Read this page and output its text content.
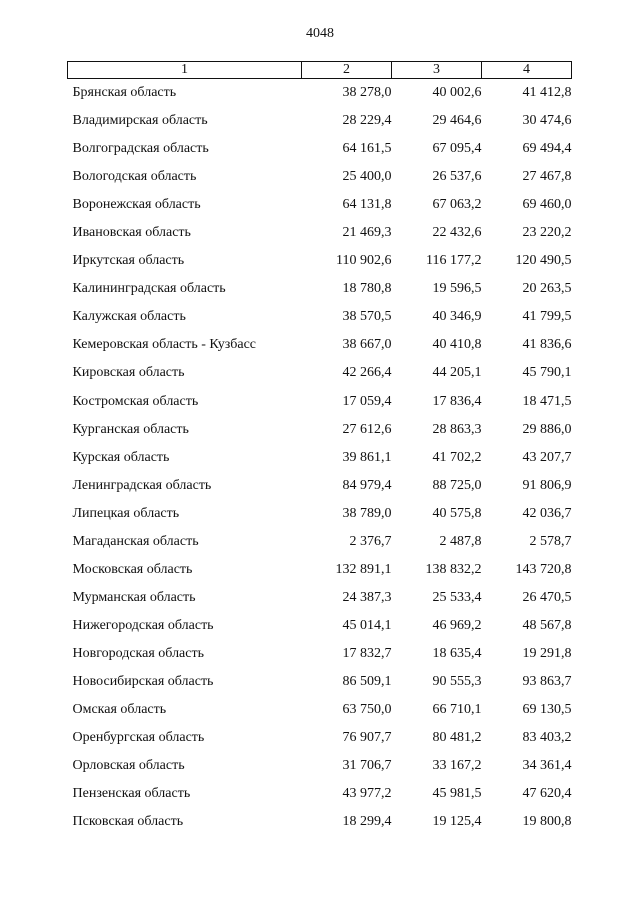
4048
1	2	3	4
Брянская область	38 278,0	40 002,6	41 412,8
Владимирская область	28 229,4	29 464,6	30 474,6
Волгоградская область	64 161,5	67 095,4	69 494,4
Вологодская область	25 400,0	26 537,6	27 467,8
Воронежская область	64 131,8	67 063,2	69 460,0
Ивановская область	21 469,3	22 432,6	23 220,2
Иркутская область	110 902,6	116 177,2	120 490,5
Калининградская область	18 780,8	19 596,5	20 263,5
Калужская область	38 570,5	40 346,9	41 799,5
Кемеровская область - Кузбасс	38 667,0	40 410,8	41 836,6
Кировская область	42 266,4	44 205,1	45 790,1
Костромская область	17 059,4	17 836,4	18 471,5
Курганская область	27 612,6	28 863,3	29 886,0
Курская область	39 861,1	41 702,2	43 207,7
Ленинградская область	84 979,4	88 725,0	91 806,9
Липецкая область	38 789,0	40 575,8	42 036,7
Магаданская область	2 376,7	2 487,8	2 578,7
Московская область	132 891,1	138 832,2	143 720,8
Мурманская область	24 387,3	25 533,4	26 470,5
Нижегородская область	45 014,1	46 969,2	48 567,8
Новгородская область	17 832,7	18 635,4	19 291,8
Новосибирская область	86 509,1	90 555,3	93 863,7
Омская область	63 750,0	66 710,1	69 130,5
Оренбургская область	76 907,7	80 481,2	83 403,2
Орловская область	31 706,7	33 167,2	34 361,4
Пензенская область	43 977,2	45 981,5	47 620,4
Псковская область	18 299,4	19 125,4	19 800,8
